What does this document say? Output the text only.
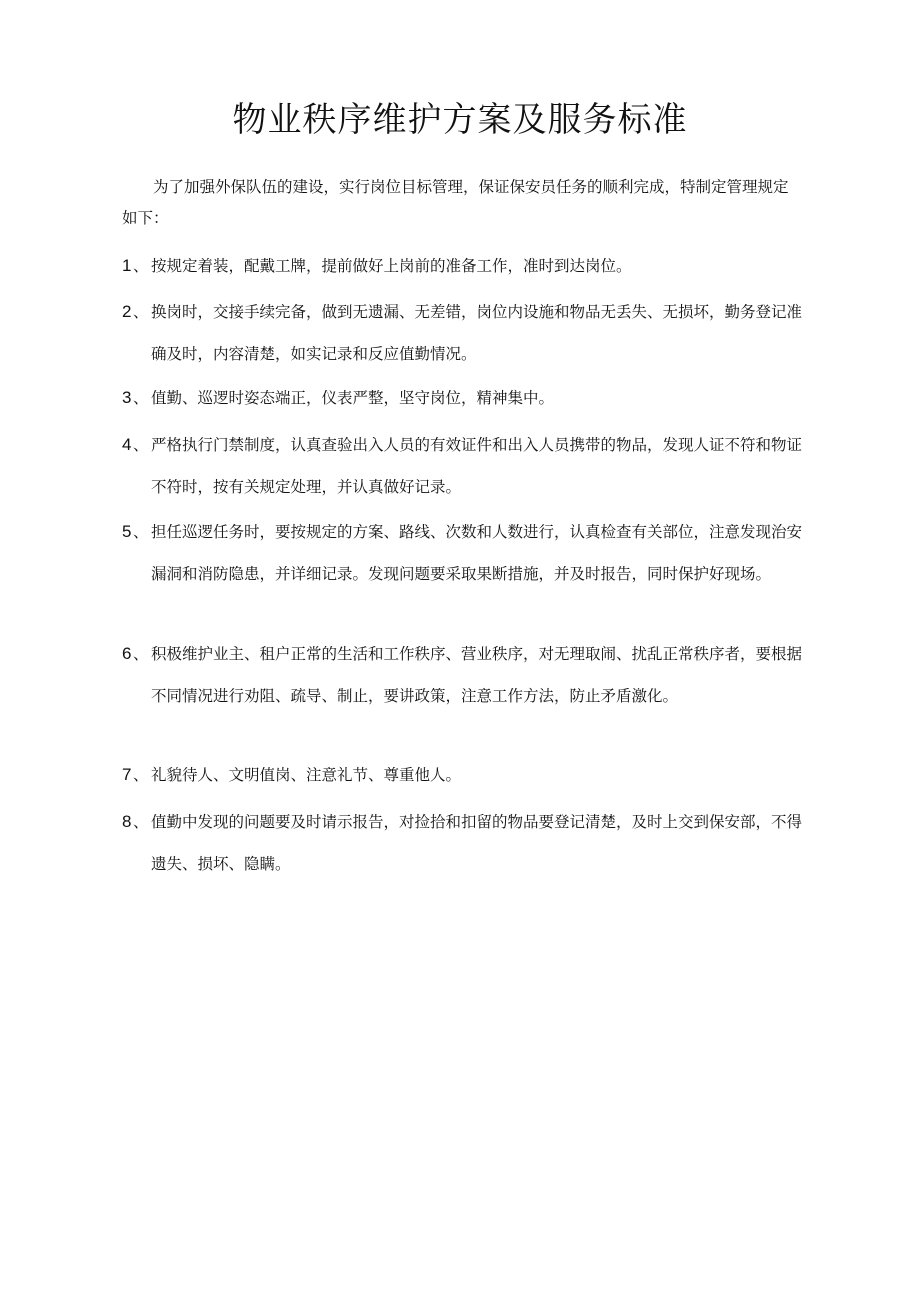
物业秩序维护方案及服务标准

为了加强外保队伍的建设，实行岗位目标管理，保证保安员任务的顺利完成，特制定管理规定如下：

1 、 按规定着装，配戴工牌，提前做好上岗前的准备工作，准时到达岗位。
2 、 换岗时，交接手续完备，做到无遗漏、无差错，岗位内设施和物品无丢失、无损坏，勤务登记准确及时，内容清楚，如实记录和反应值勤情况。
3 、 值勤、巡逻时姿态端正，仪表严整，坚守岗位，精神集中。
4 、 严格执行门禁制度，认真查验出入人员的有效证件和出入人员携带的物品，发现人证不符和物证不符时，按有关规定处理，并认真做好记录。
5 、 担任巡逻任务时，要按规定的方案、路线、次数和人数进行，认真检查有关部位，注意发现治安漏洞和消防隐患，并详细记录。发现问题要采取果断措施，并及时报告，同时保护好现场。
6 、 积极维护业主、租户正常的生活和工作秩序、营业秩序，对无理取闹、扰乱正常秩序者，要根据不同情况进行劝阻、疏导、制止，要讲政策，注意工作方法，防止矛盾激化。
7 、 礼貌待人、文明值岗、注意礼节、尊重他人。
8 、 值勤中发现的问题要及时请示报告，对捡拾和扣留的物品要登记清楚，及时上交到保安部，不得遗失、损坏、隐瞒。
